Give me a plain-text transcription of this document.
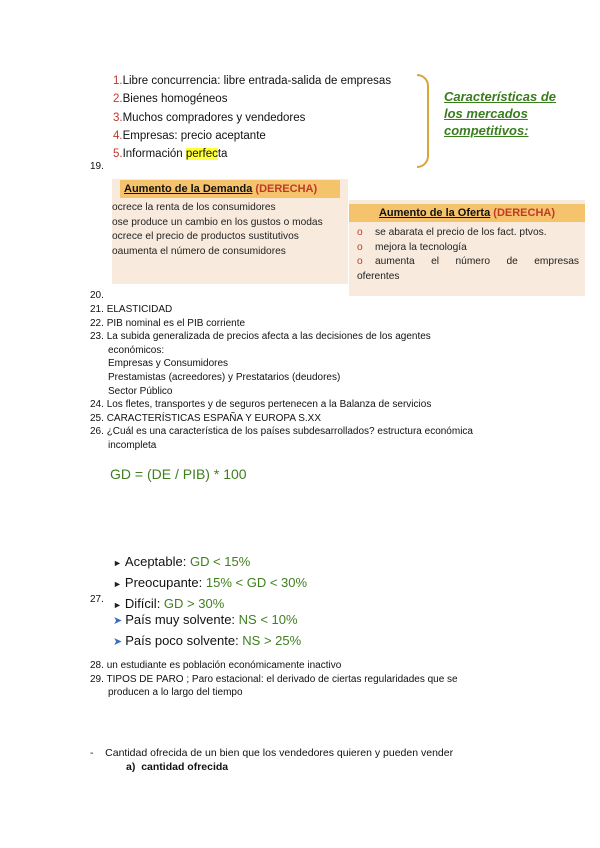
1.Libre concurrencia: libre entrada-salida de empresas
2.Bienes homogéneos
3.Muchos compradores y vendedores
4.Empresas: precio aceptante
5.Información perfecta
Características de los mercados competitivos:
19.
Aumento de la Demanda (DERECHA)
ocrece la renta de los consumidores
ose produce un cambio en los gustos o modas
ocrece el precio de productos sustitutivos
oaumenta el número de consumidores
Aumento de la Oferta (DERECHA)
o se abarata el precio de los fact. ptvos.
o mejora la tecnología
o aumenta el número de empresas
oferentes
20.
21. ELASTICIDAD
22. PIB nominal es el PIB corriente
23. La subida generalizada de precios afecta a las decisiones de los agentes
económicos:
Empresas y Consumidores
Prestamistas (acreedores) y Prestatarios (deudores)
Sector Público
24. Los fletes, transportes y de seguros pertenecen a la Balanza de servicios
25. CARACTERÍSTICAS ESPAÑA Y EUROPA S.XX
26. ¿Cuál es una característica de los países subdesarrollados? estructura económica
incompleta
GD = (DE / PIB) * 100
► Aceptable: GD < 15%
► Preocupante: 15% < GD < 30%
► Difícil: GD > 30%
27.
➤ País muy solvente: NS < 10%
➤ País poco solvente: NS > 25%
28. un estudiante es población económicamente inactivo
29. TIPOS DE PARO ; Paro estacional: el derivado de ciertas regularidades que se
producen a lo largo del tiempo
- Cantidad ofrecida de un bien que los vendedores quieren y pueden vender
a) cantidad ofrecida
